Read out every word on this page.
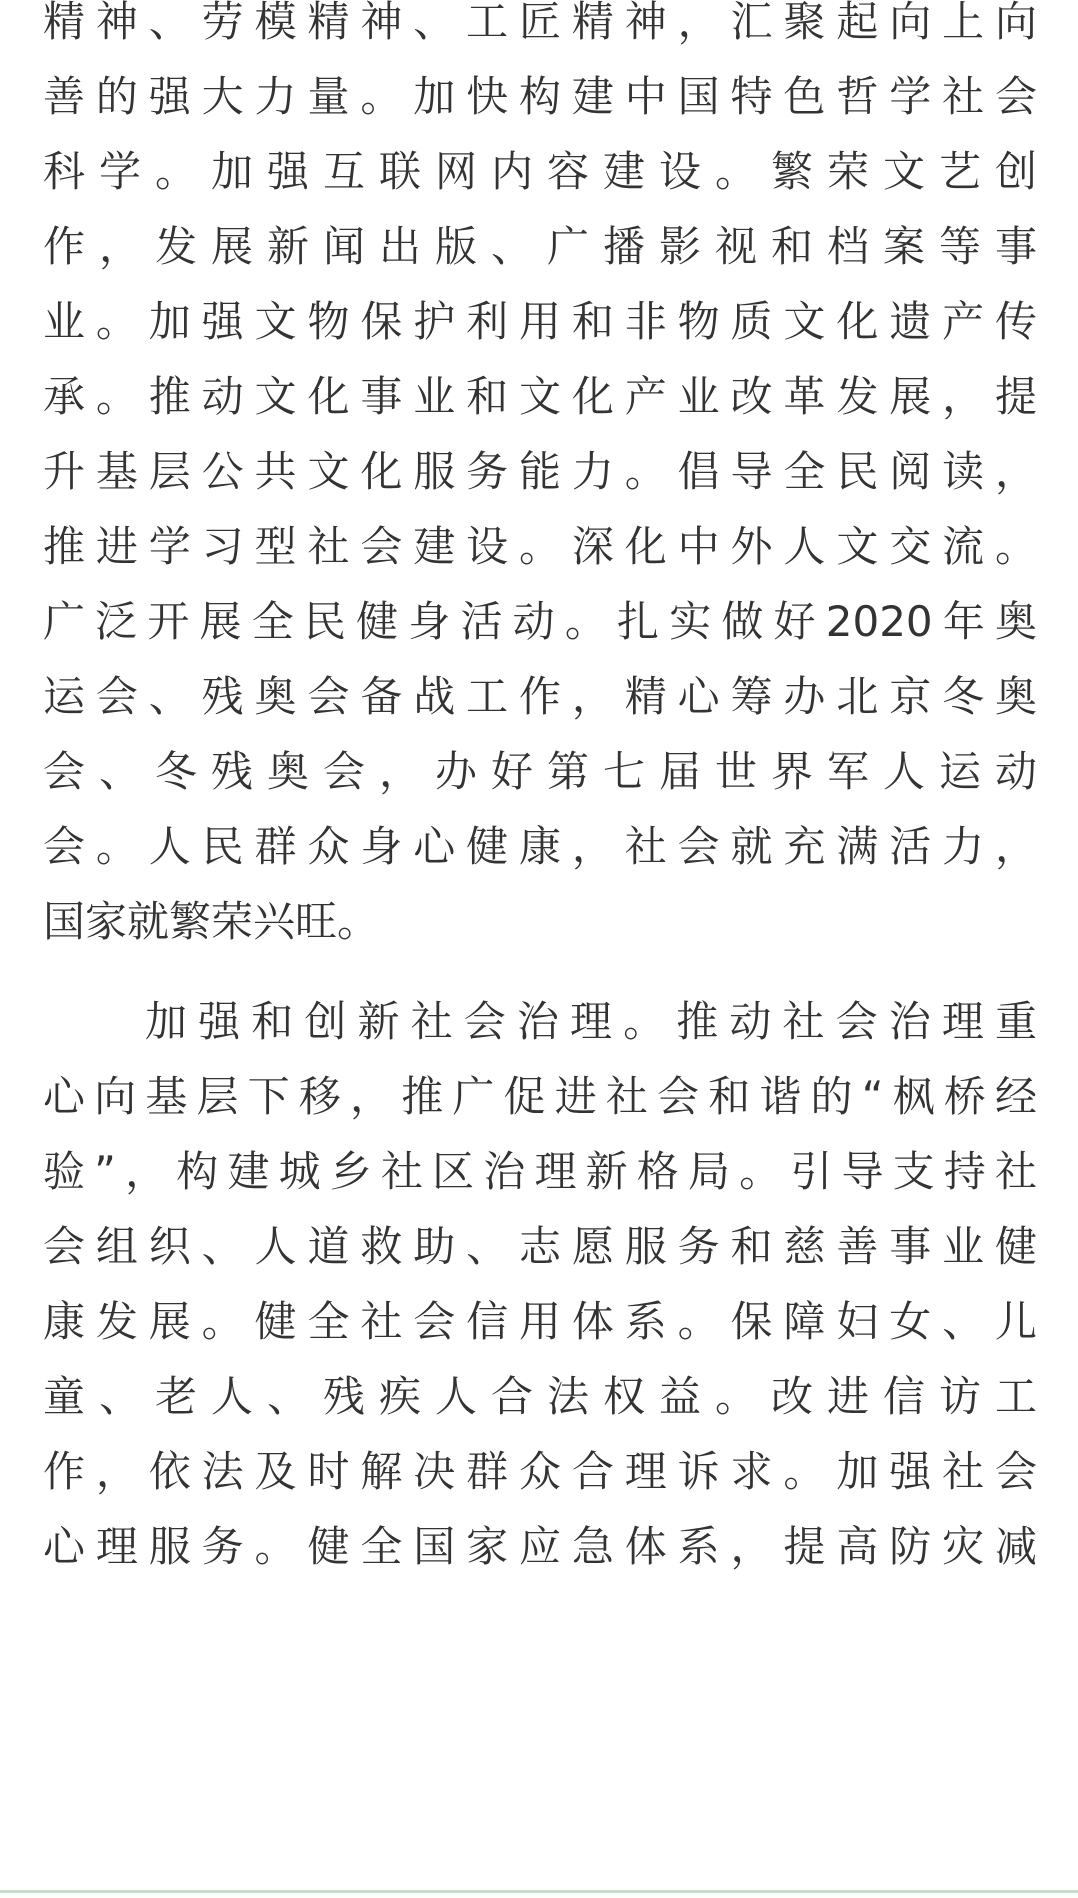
精神、劳模精神、工匠精神，汇聚起向上向
善的强大力量。加快构建中国特色哲学社会
科学。加强互联网内容建设。繁荣文艺创
作，发展新闻出版、广播影视和档案等事
业。加强文物保护利用和非物质文化遗产传
承。推动文化事业和文化产业改革发展，提
升基层公共文化服务能力。倡导全民阅读，
推进学习型社会建设。深化中外人文交流。
广泛开展全民健身活动。扎实做好2020年奥
运会、残奥会备战工作，精心筹办北京冬奥
会、冬残奥会，办好第七届世界军人运动
会。人民群众身心健康，社会就充满活力，
国家就繁荣兴旺。
加强和创新社会治理。推动社会治理重
心向基层下移，推广促进社会和谐的“枫桥经
验”，构建城乡社区治理新格局。引导支持社
会组织、人道救助、志愿服务和慈善事业健
康发展。健全社会信用体系。保障妇女、儿
童、老人、残疾人合法权益。改进信访工
作，依法及时解决群众合理诉求。加强社会
心理服务。健全国家应急体系，提高防灾减
